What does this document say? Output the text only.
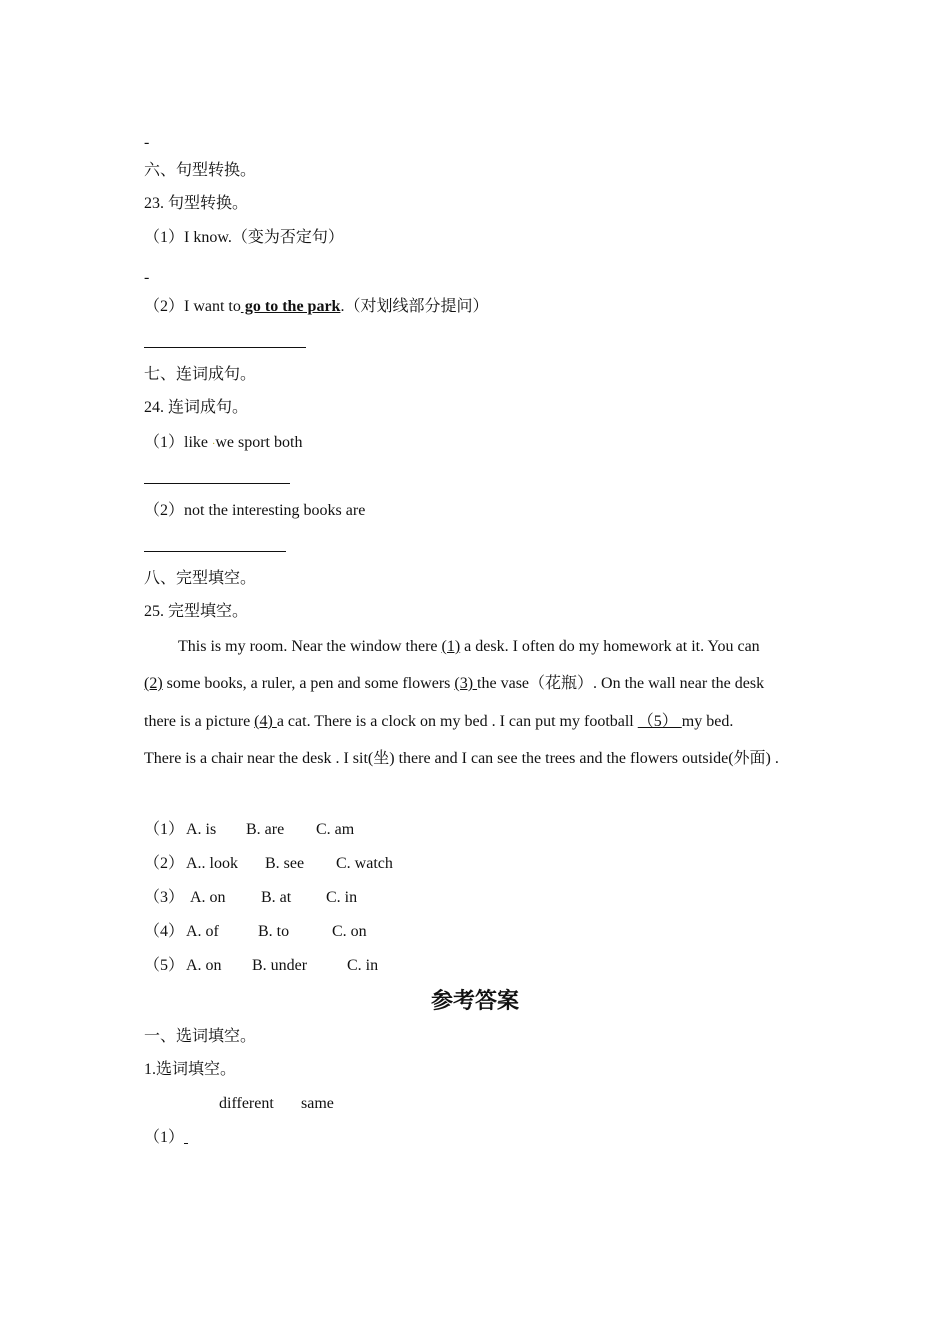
-
六、句型转换。
23. 句型转换。
（1）I know.（变为否定句）
-
（2）I want to go to the park.（对划线部分提问）
七、连词成句。
24. 连词成句。
（1）like ·we sport both
（2）not the interesting books are
八、完型填空。
25. 完型填空。
This is my room. Near the window there (1) a desk. I often do my homework at it. You can
(2) some books, a ruler, a pen and some flowers (3) the vase（花瓶）. On the wall near the desk
there is a picture (4) a cat. There is a clock on my bed . I can put my football （5） my bed.
There is a chair near the desk . I sit(坐) there and I can see the trees and the flowers outside(外面) .
（1） A. is B. are C. am
（2） A.. look B. see C. watch
（3） A. on B. at C. in
（4） A. of B. to	C. on
（5） A. on B. under C. in
参考答案
一、选词填空。
1.选词填空。
different same
（1）
